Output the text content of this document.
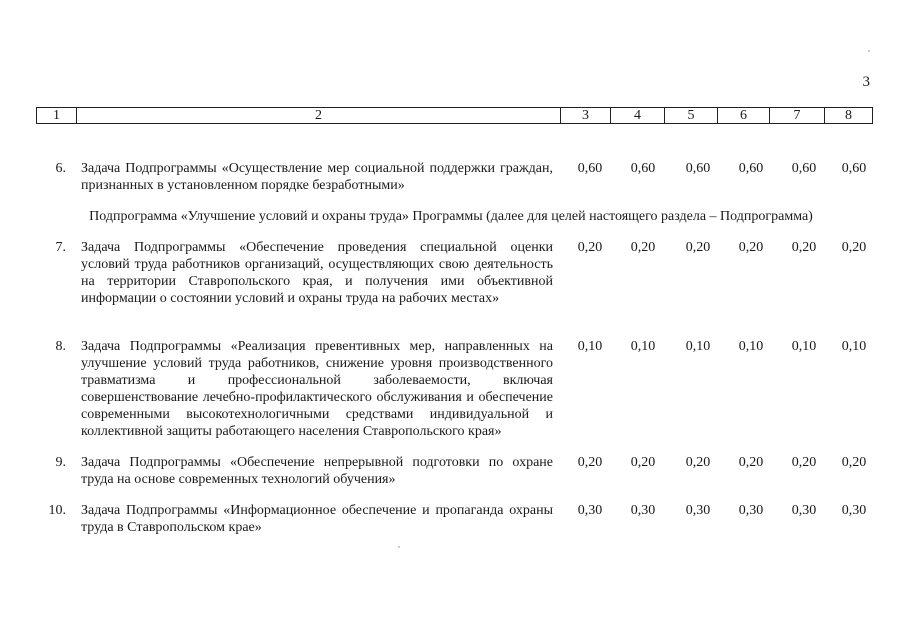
3
1	2	3	4	5	6	7	8
6. Задача Подпрограммы «Осуществление мер социальной поддержки граждан, признанных в установленном порядке безработными»
0,60	0,60	0,60	0,60	0,60	0,60
Подпрограмма «Улучшение условий и охраны труда» Программы (далее для целей настоящего раздела – Подпрограмма)
7. Задача Подпрограммы «Обеспечение проведения специальной оценки условий труда работников организаций, осуществляющих свою деятельность на территории Ставропольского края, и получения ими объективной информации о состоянии условий и охраны труда на рабочих местах»
0,20	0,20	0,20	0,20	0,20	0,20
8. Задача Подпрограммы «Реализация превентивных мер, направленных на улучшение условий труда работников, снижение уровня производственного травматизма и профессиональной заболеваемости, включая совершенствование лечебно-профилактического обслуживания и обеспечение современными высокотехнологичными средствами индивидуальной и коллективной защиты работающего населения Ставропольского края»
0,10	0,10	0,10	0,10	0,10	0,10
9. Задача Подпрограммы «Обеспечение непрерывной подготовки по охране труда на основе современных технологий обучения»
0,20	0,20	0,20	0,20	0,20	0,20
10. Задача Подпрограммы «Информационное обеспечение и пропаганда охраны труда в Ставропольском крае»
0,30	0,30	0,30	0,30	0,30	0,30
